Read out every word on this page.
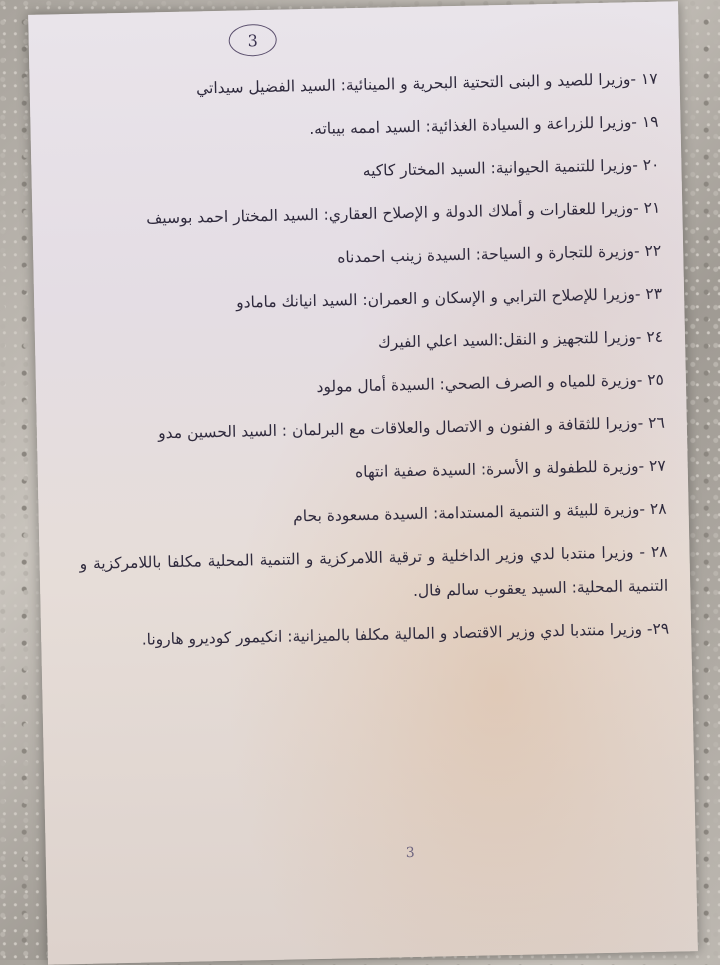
3

١٧ -وزيرا للصيد و البنى التحتية البحرية و المينائية: السيد الفضيل سيداتي

١٩ -وزيرا للزراعة و السيادة الغذائية: السيد اممه بيباته.

٢٠ -وزيرا للتنمية الحيوانية: السيد المختار كاكيه

٢١ -وزيرا للعقارات و أملاك الدولة و الإصلاح العقاري: السيد المختار احمد بوسيف

٢٢ -وزيرة للتجارة و السياحة: السيدة زينب احمدناه

٢٣ -وزيرا للإصلاح الترابي و الإسكان و العمران: السيد انيانك مامادو

٢٤ -وزيرا للتجهيز و النقل:السيد اعلي الفيرك

٢٥ -وزيرة للمياه و الصرف الصحي: السيدة أمال مولود

٢٦ -وزيرا للثقافة و الفنون و الاتصال والعلاقات مع البرلمان : السيد الحسين مدو

٢٧ -وزيرة للطفولة و الأسرة: السيدة صفية انتهاه

٢٨ -وزيرة للبيئة و التنمية المستدامة: السيدة مسعودة بحام

٢٨ - وزيرا منتدبا لدي وزير الداخلية و ترقية اللامركزية و التنمية المحلية مكلفا باللامركزية و التنمية المحلية: السيد يعقوب سالم فال.

٢٩- وزيرا منتدبا لدي وزير الاقتصاد و المالية مكلفا بالميزانية: انكيمور كوديرو هارونا.

3
